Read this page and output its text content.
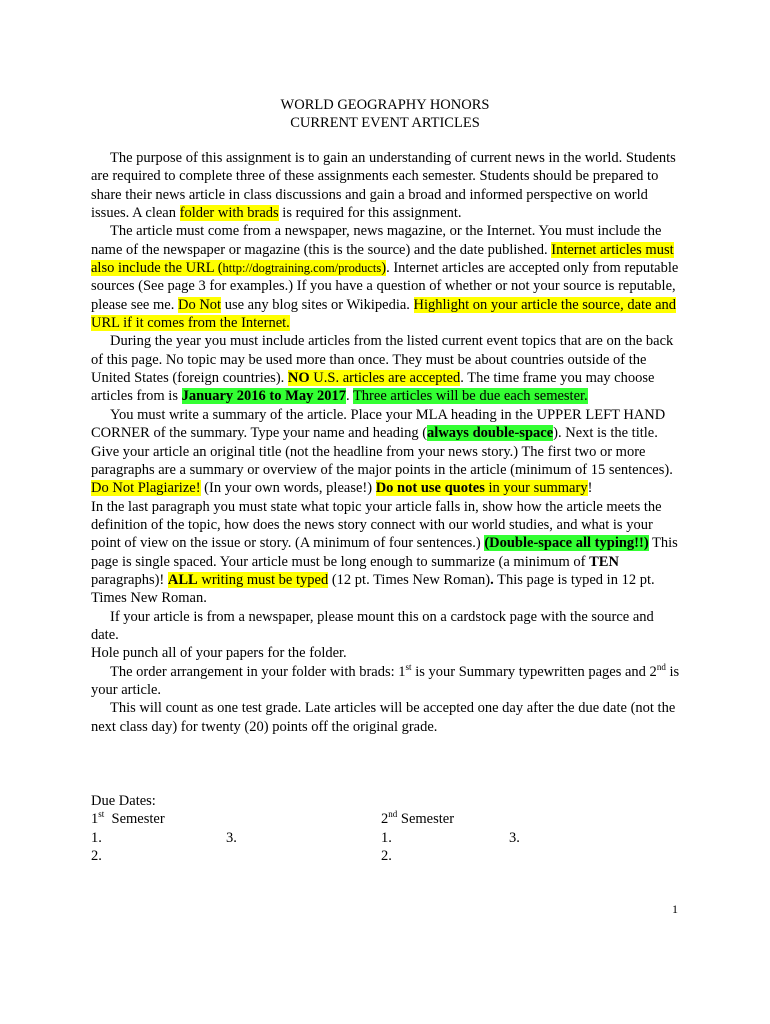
WORLD GEOGRAPHY HONORS
CURRENT EVENT ARTICLES

The purpose of this assignment is to gain an understanding of current news in the world. Students are required to complete three of these assignments each semester. Students should be prepared to share their news article in class discussions and gain a broad and informed perspective on world issues. A clean folder with brads is required for this assignment.

The article must come from a newspaper, news magazine, or the Internet. You must include the name of the newspaper or magazine (this is the source) and the date published. Internet articles must also include the URL (http://dogtraining.com/products). Internet articles are accepted only from reputable sources (See page 3 for examples.) If you have a question of whether or not your source is reputable, please see me. Do Not use any blog sites or Wikipedia. Highlight on your article the source, date and URL if it comes from the Internet.

During the year you must include articles from the listed current event topics that are on the back of this page. No topic may be used more than once. They must be about countries outside of the United States (foreign countries). NO U.S. articles are accepted. The time frame you may choose articles from is January 2016 to May 2017. Three articles will be due each semester.

You must write a summary of the article. Place your MLA heading in the UPPER LEFT HAND CORNER of the summary. Type your name and heading (always double-space). Next is the title. Give your article an original title (not the headline from your news story.) The first two or more paragraphs are a summary or overview of the major points in the article (minimum of 15 sentences). Do Not Plagiarize! (In your own words, please!) Do not use quotes in your summary!

In the last paragraph you must state what topic your article falls in, show how the article meets the definition of the topic, how does the news story connect with our world studies, and what is your point of view on the issue or story. (A minimum of four sentences.) (Double-space all typing!!) This page is single spaced. Your article must be long enough to summarize (a minimum of TEN paragraphs)! ALL writing must be typed (12 pt. Times New Roman). This page is typed in 12 pt. Times New Roman.

If your article is from a newspaper, please mount this on a cardstock page with the source and date.

Hole punch all of your papers for the folder.

The order arrangement in your folder with brads: 1st is your Summary typewritten pages and 2nd is your article.

This will count as one test grade. Late articles will be accepted one day after the due date (not the next class day) for twenty (20) points off the original grade.

Due Dates:
1st  Semester
1.	3.
2.
2nd Semester
1.	3.
2.
1
